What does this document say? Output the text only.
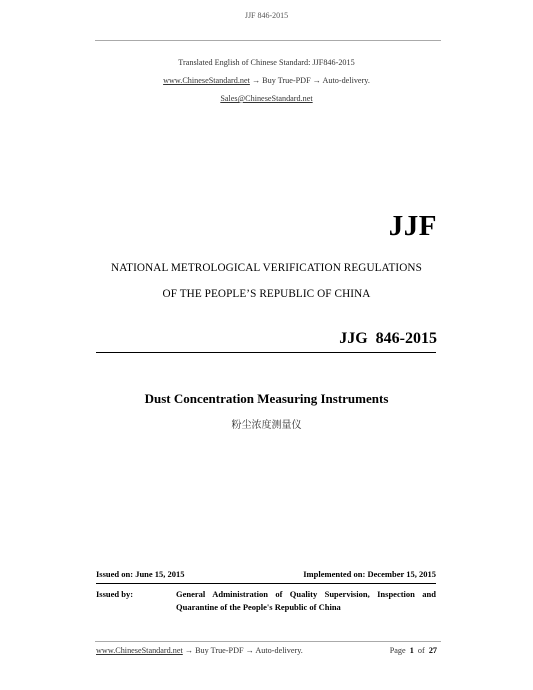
JJF 846-2015
Translated English of Chinese Standard: JJF846-2015
www.ChineseStandard.net → Buy True-PDF → Auto-delivery.
Sales@ChineseStandard.net
JJF
NATIONAL METROLOGICAL VERIFICATION REGULATIONS
OF THE PEOPLE’S REPUBLIC OF CHINA
JJG 846-2015
Dust Concentration Measuring Instruments
粉尘浓度测量仪
Issued on: June 15, 2015	Implemented on: December 15, 2015
Issued by:	General Administration of Quality Supervision, Inspection and
Quarantine of the People's Republic of China
www.ChineseStandard.net → Buy True-PDF → Auto-delivery.	Page 1 of 27
